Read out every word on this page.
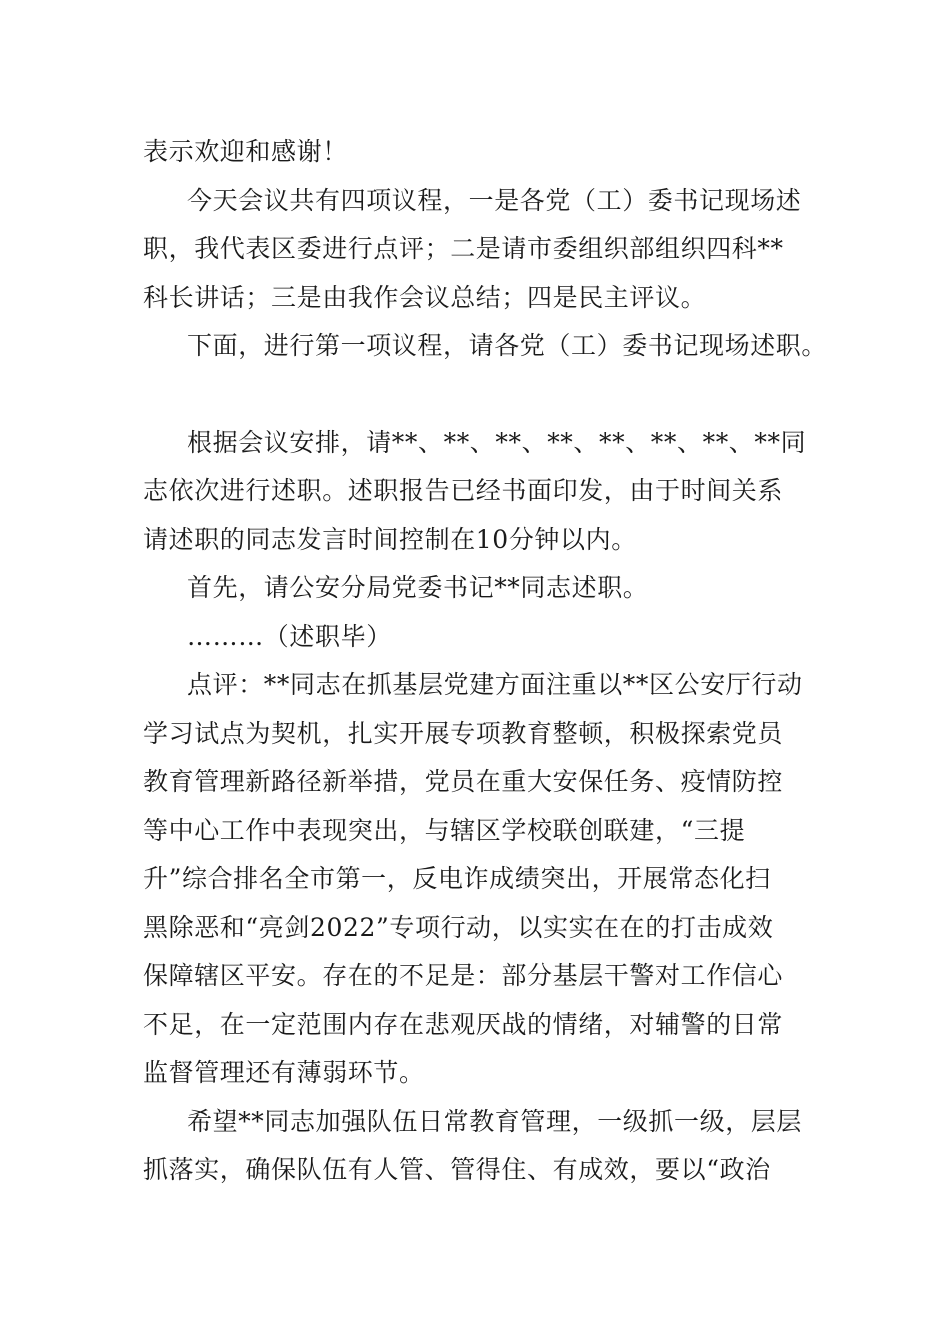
表示欢迎和感谢！

今天会议共有四项议程，一是各党（工）委书记现场述
职，我代表区委进行点评；二是请市委组织部组织四科**
科长讲话；三是由我作会议总结；四是民主评议。

下面，进行第一项议程，请各党（工）委书记现场述职。

根据会议安排，请**、**、**、**、**、**、**、**同
志依次进行述职。述职报告已经书面印发，由于时间关系
请述职的同志发言时间控制在10分钟以内。

首先，请公安分局党委书记**同志述职。

………（述职毕）

点评：**同志在抓基层党建方面注重以**区公安厅行动
学习试点为契机，扎实开展专项教育整顿，积极探索党员
教育管理新路径新举措，党员在重大安保任务、疫情防控
等中心工作中表现突出，与辖区学校联创联建，“三提
升”综合排名全市第一，反电诈成绩突出，开展常态化扫
黑除恶和“亮剑2022”专项行动，以实实在在的打击成效
保障辖区平安。存在的不足是：部分基层干警对工作信心
不足，在一定范围内存在悲观厌战的情绪，对辅警的日常
监督管理还有薄弱环节。

希望**同志加强队伍日常教育管理，一级抓一级，层层
抓落实，确保队伍有人管、管得住、有成效，要以“政治
